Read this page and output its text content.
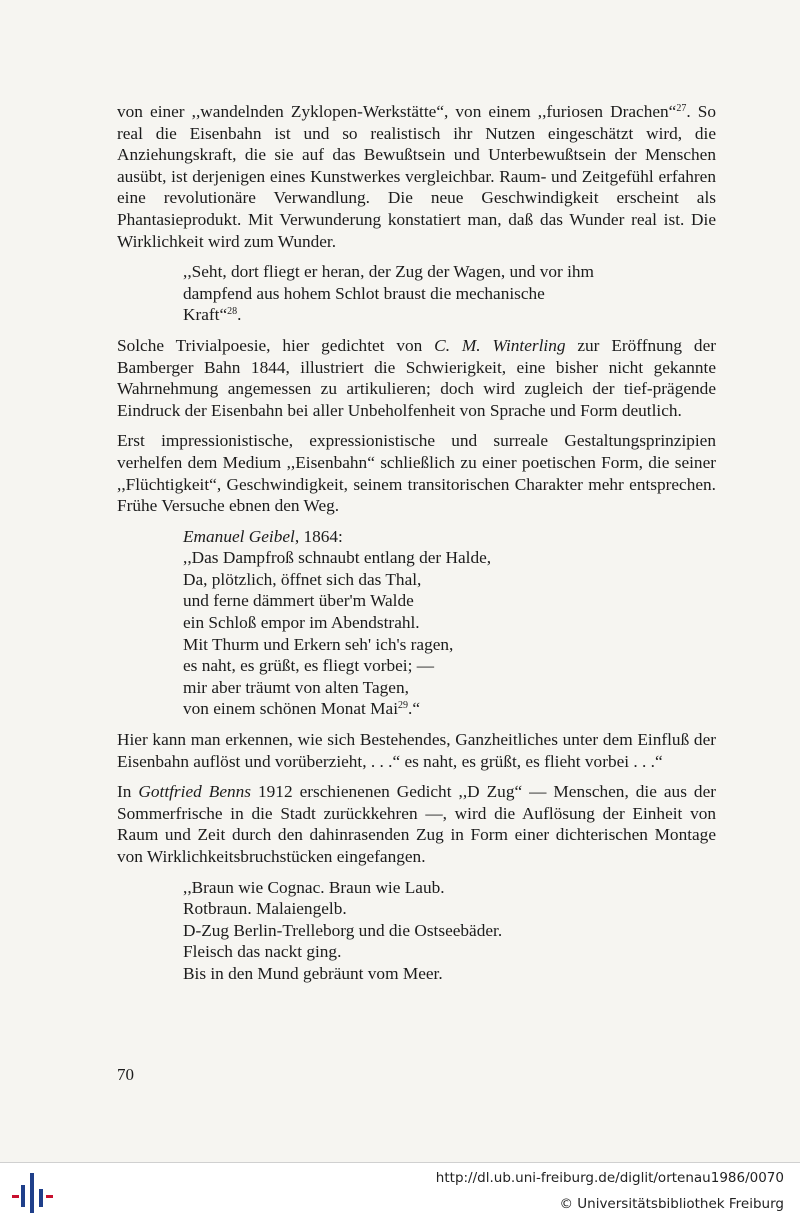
von einer ,,wandelnden Zyklopen-Werkstätte“, von einem ,,furiosen Drachen“$^{27}$. So real die Eisenbahn ist und so realistisch ihr Nutzen eingeschätzt wird, die Anziehungskraft, die sie auf das Bewußtsein und Unterbewußtsein der Menschen ausübt, ist derjenigen eines Kunstwerkes vergleichbar. Raum- und Zeitgefühl erfahren eine revolutionäre Verwandlung. Die neue Geschwindigkeit erscheint als Phantasieprodukt. Mit Verwunderung konstatiert man, daß das Wunder real ist. Die Wirklichkeit wird zum Wunder.

,,Seht, dort fliegt er heran, der Zug der Wagen, und vor ihm
dampfend aus hohem Schlot braust die mechanische
Kraft“$^{28}$.

Solche Trivialpoesie, hier gedichtet von C. M. Winterling zur Eröffnung der Bamberger Bahn 1844, illustriert die Schwierigkeit, eine bisher nicht gekannte Wahrnehmung angemessen zu artikulieren; doch wird zugleich der tief-prägende Eindruck der Eisenbahn bei aller Unbeholfenheit von Sprache und Form deutlich.

Erst impressionistische, expressionistische und surreale Gestaltungsprinzipien verhelfen dem Medium ,,Eisenbahn“ schließlich zu einer poetischen Form, die seiner ,,Flüchtigkeit“, Geschwindigkeit, seinem transitorischen Charakter mehr entsprechen. Frühe Versuche ebnen den Weg.

Emanuel Geibel, 1864:
,,Das Dampfroß schnaubt entlang der Halde,
Da, plötzlich, öffnet sich das Thal,
und ferne dämmert über'm Walde
ein Schloß empor im Abendstrahl.
Mit Thurm und Erkern seh' ich's ragen,
es naht, es grüßt, es fliegt vorbei; —
mir aber träumt von alten Tagen,
von einem schönen Monat Mai$^{29}$.“

Hier kann man erkennen, wie sich Bestehendes, Ganzheitliches unter dem Einfluß der Eisenbahn auflöst und vorüberzieht, . . .“ es naht, es grüßt, es flieht vorbei . . .“

In Gottfried Benns 1912 erschienenen Gedicht ,,D Zug“ — Menschen, die aus der Sommerfrische in die Stadt zurückkehren —, wird die Auflösung der Einheit von Raum und Zeit durch den dahinrasenden Zug in Form einer dichterischen Montage von Wirklichkeitsbruchstücken eingefangen.

,,Braun wie Cognac. Braun wie Laub.
Rotbraun. Malaiengelb.
D-Zug Berlin-Trelleborg und die Ostseebäder.
Fleisch das nackt ging.
Bis in den Mund gebräunt vom Meer.
70
http://dl.ub.uni-freiburg.de/diglit/ortenau1986/0070
© Universitätsbibliothek Freiburg
